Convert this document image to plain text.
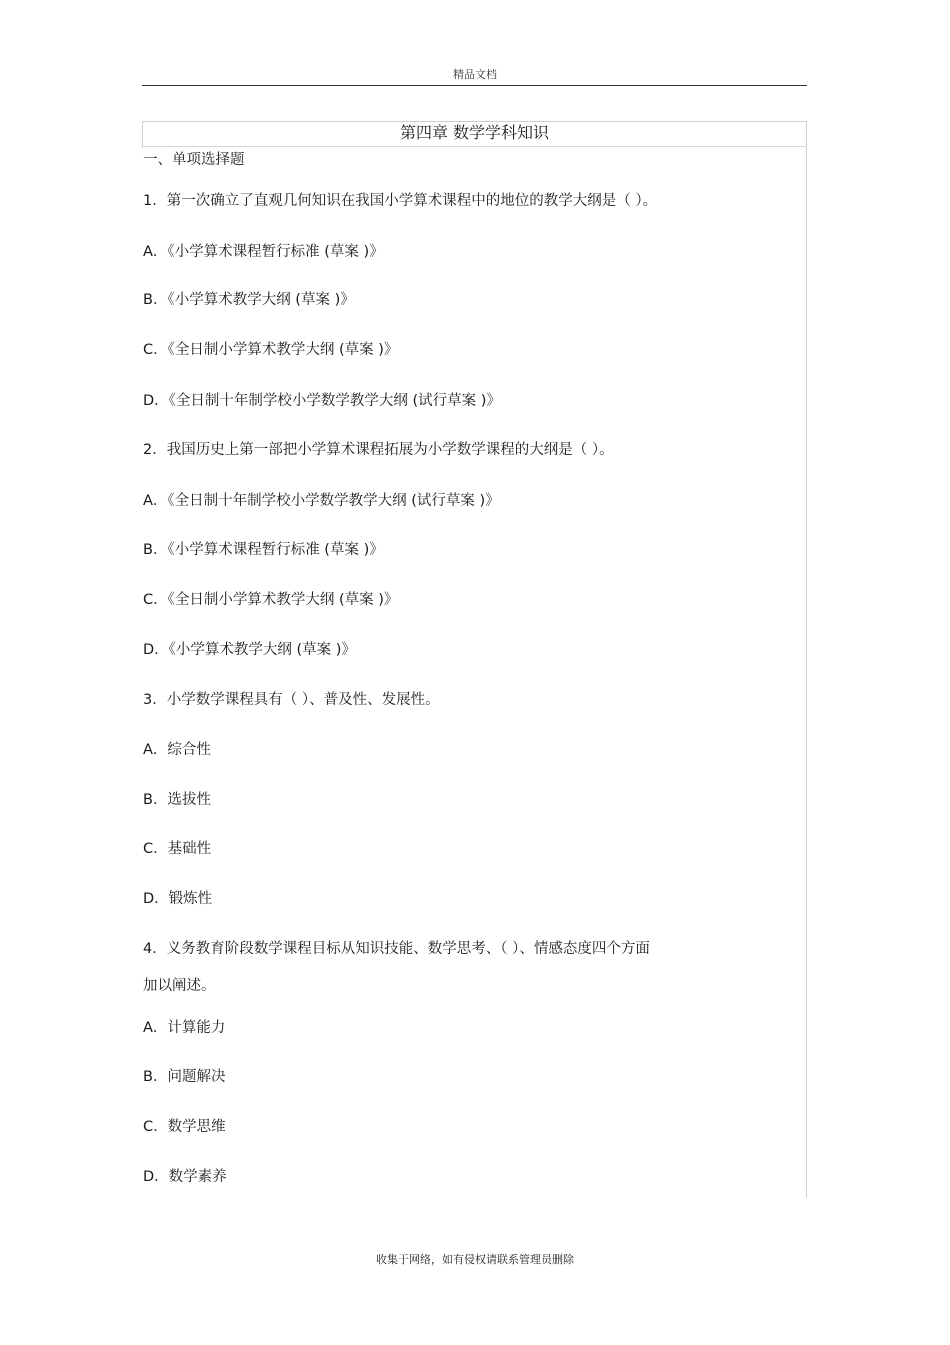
精品文档
第四章 数学学科知识
一、单项选择题
1．第一次确立了直观几何知识在我国小学算术课程中的地位的教学大纲是（ ）。
A．《小学算术课程暂行标准 (草案 )》
B．《小学算术教学大纲 (草案 )》
C．《全日制小学算术教学大纲 (草案 )》
D．《全日制十年制学校小学数学教学大纲 (试行草案 )》
2．我国历史上第一部把小学算术课程拓展为小学数学课程的大纲是（ ）。
A．《全日制十年制学校小学数学教学大纲 (试行草案 )》
B．《小学算术课程暂行标准 (草案 )》
C．《全日制小学算术教学大纲 (草案 )》
D．《小学算术教学大纲 (草案 )》
3．小学数学课程具有（ ）、普及性、发展性。
A．综合性
B．选拔性
C．基础性
D．锻炼性
4．义务教育阶段数学课程目标从知识技能、数学思考、（ ）、情感态度四个方面
加以阐述。
A．计算能力
B．问题解决
C．数学思维
D．数学素养
收集于网络，如有侵权请联系管理员删除
